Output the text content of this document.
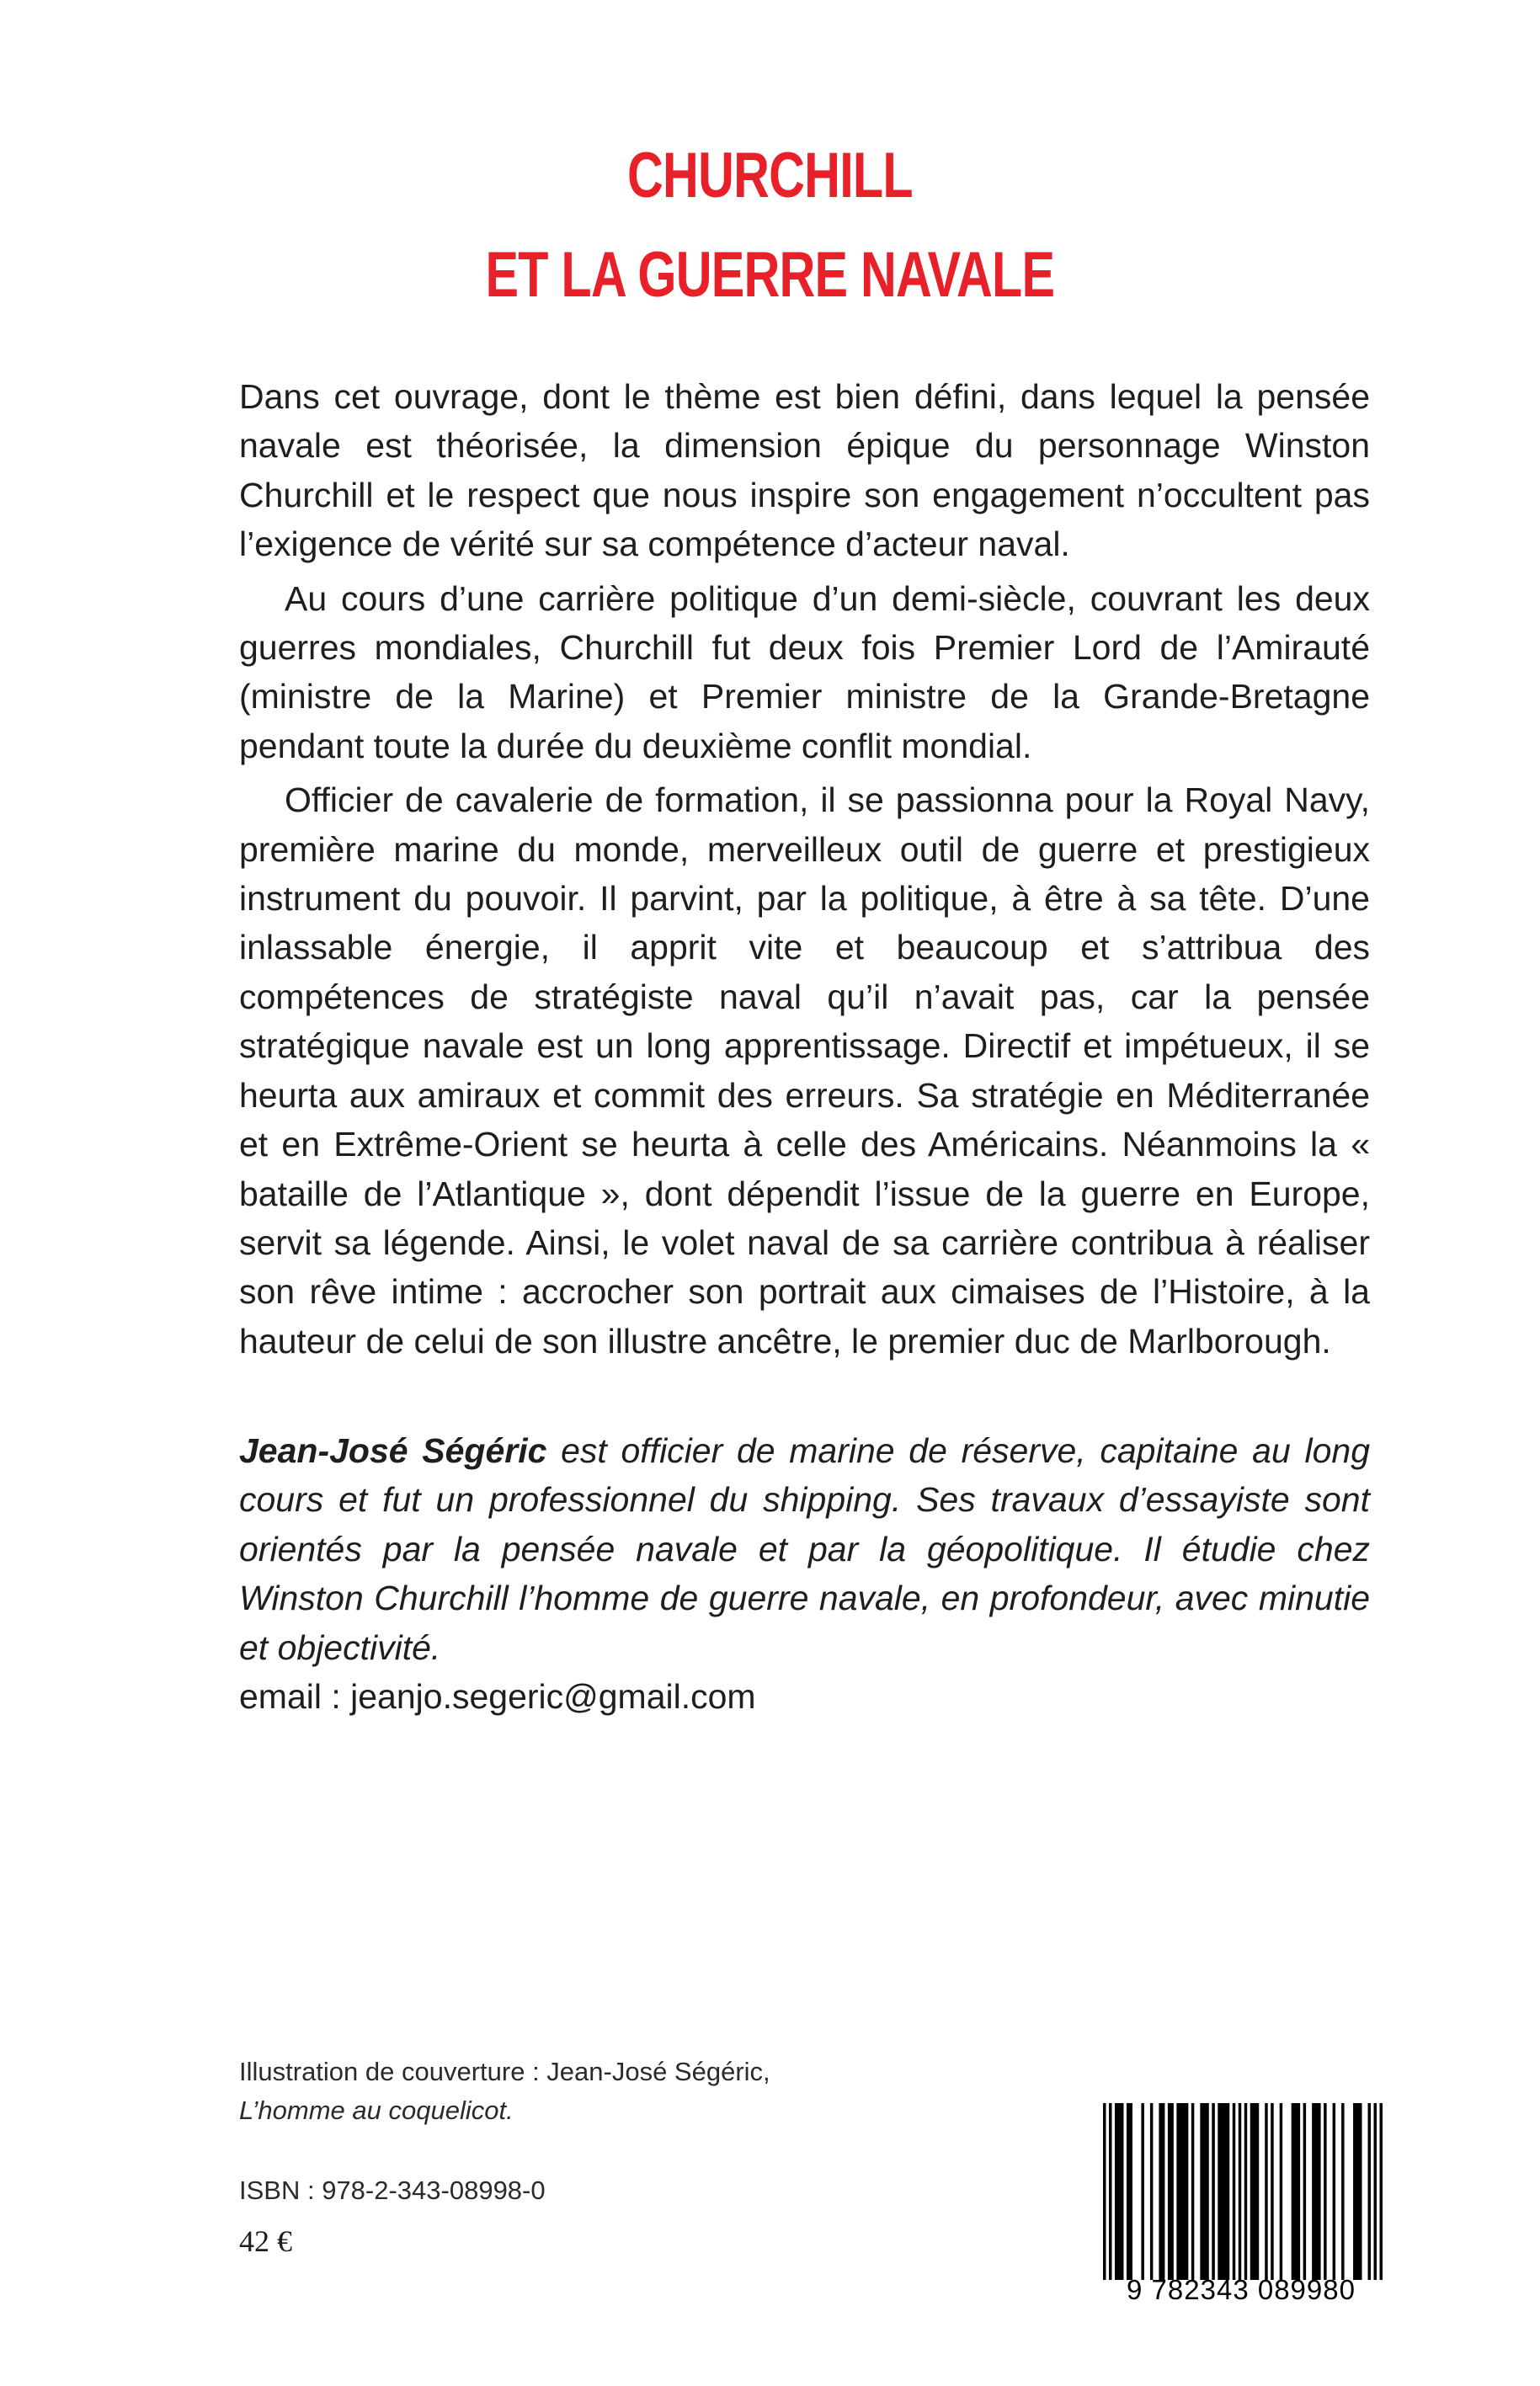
CHURCHILL
ET LA GUERRE NAVALE

Dans cet ouvrage, dont le thème est bien défini, dans lequel la pensée navale est théorisée, la dimension épique du personnage Winston Churchill et le respect que nous inspire son engagement n’occultent pas l’exigence de vérité sur sa compétence d’acteur naval.

Au cours d’une carrière politique d’un demi-siècle, couvrant les deux guerres mondiales, Churchill fut deux fois Premier Lord de l’Amirauté (ministre de la Marine) et Premier ministre de la Grande-Bretagne pendant toute la durée du deuxième conflit mondial.

Officier de cavalerie de formation, il se passionna pour la Royal Navy, première marine du monde, merveilleux outil de guerre et prestigieux instrument du pouvoir. Il parvint, par la politique, à être à sa tête. D’une inlassable énergie, il apprit vite et beaucoup et s’attribua des compétences de stratégiste naval qu’il n’avait pas, car la pensée stratégique navale est un long apprentissage. Directif et impétueux, il se heurta aux amiraux et commit des erreurs. Sa stratégie en Méditerranée et en Extrême-Orient se heurta à celle des Américains. Néanmoins la « bataille de l’Atlantique », dont dépendit l’issue de la guerre en Europe, servit sa légende. Ainsi, le volet naval de sa carrière contribua à réaliser son rêve intime : accrocher son portrait aux cimaises de l’Histoire, à la hauteur de celui de son illustre ancêtre, le premier duc de Marlborough.

Jean-José Ségéric est officier de marine de réserve, capitaine au long cours et fut un professionnel du shipping. Ses travaux d’essayiste sont orientés par la pensée navale et par la géopolitique. Il étudie chez Winston Churchill l’homme de guerre navale, en profondeur, avec minutie et objectivité.
email : jeanjo.segeric@gmail.com
Illustration de couverture : Jean-José Ségéric,
L’homme au coquelicot.
ISBN : 978-2-343-08998-0
42 €
9 782343 089980
